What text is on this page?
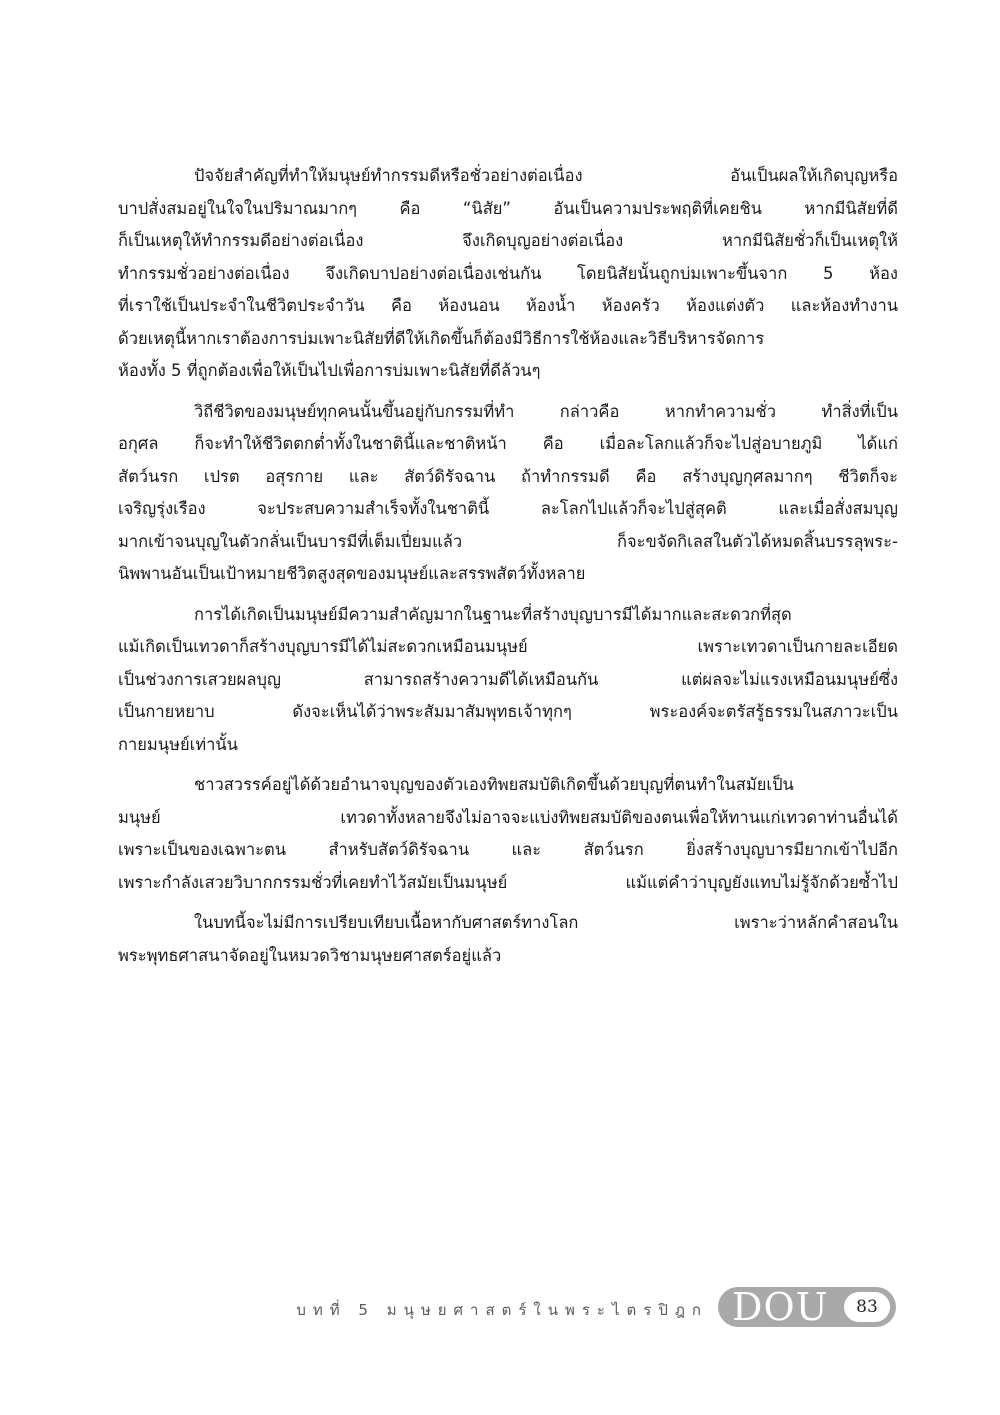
ปัจจัยสำคัญที่ทำให้มนุษย์ทำกรรมดีหรือชั่วอย่างต่อเนื่อง อันเป็นผลให้เกิดบุญหรือ
บาปสั่งสมอยู่ในใจในปริมาณมากๆ คือ “นิสัย” อันเป็นความประพฤติที่เคยชิน หากมีนิสัยที่ดี
ก็เป็นเหตุให้ทำกรรมดีอย่างต่อเนื่อง จึงเกิดบุญอย่างต่อเนื่อง หากมีนิสัยชั่วก็เป็นเหตุให้
ทำกรรมชั่วอย่างต่อเนื่อง จึงเกิดบาปอย่างต่อเนื่องเช่นกัน โดยนิสัยนั้นถูกบ่มเพาะขึ้นจาก 5 ห้อง
ที่เราใช้เป็นประจำในชีวิตประจำวัน คือ ห้องนอน ห้องน้ำ ห้องครัว ห้องแต่งตัว และห้องทำงาน
ด้วยเหตุนี้หากเราต้องการบ่มเพาะนิสัยที่ดีให้เกิดขึ้นก็ต้องมีวิธีการใช้ห้องและวิธีบริหารจัดการ
ห้องทั้ง 5 ที่ถูกต้องเพื่อให้เป็นไปเพื่อการบ่มเพาะนิสัยที่ดีล้วนๆ
วิถีชีวิตของมนุษย์ทุกคนนั้นขึ้นอยู่กับกรรมที่ทำ กล่าวคือ หากทำความชั่ว ทำสิ่งที่เป็น
อกุศล ก็จะทำให้ชีวิตตกต่ำทั้งในชาตินี้และชาติหน้า คือ เมื่อละโลกแล้วก็จะไปสู่อบายภูมิ ได้แก่
สัตว์นรก เปรต อสุรกาย และ สัตว์ดิรัจฉาน ถ้าทำกรรมดี คือ สร้างบุญกุศลมากๆ ชีวิตก็จะ
เจริญรุ่งเรือง จะประสบความสำเร็จทั้งในชาตินี้ ละโลกไปแล้วก็จะไปสู่สุคติ และเมื่อสั่งสมบุญ
มากเข้าจนบุญในตัวกลั่นเป็นบารมีที่เต็มเปี่ยมแล้ว ก็จะขจัดกิเลสในตัวได้หมดสิ้นบรรลุพระ-
นิพพานอันเป็นเป้าหมายชีวิตสูงสุดของมนุษย์และสรรพสัตว์ทั้งหลาย
การได้เกิดเป็นมนุษย์มีความสำคัญมากในฐานะที่สร้างบุญบารมีได้มากและสะดวกที่สุด
แม้เกิดเป็นเทวดาก็สร้างบุญบารมีได้ไม่สะดวกเหมือนมนุษย์ เพราะเทวดาเป็นกายละเอียด
เป็นช่วงการเสวยผลบุญ สามารถสร้างความดีได้เหมือนกัน แต่ผลจะไม่แรงเหมือนมนุษย์ซึ่ง
เป็นกายหยาบ ดังจะเห็นได้ว่าพระสัมมาสัมพุทธเจ้าทุกๆ พระองค์จะตรัสรู้ธรรมในสภาวะเป็น
กายมนุษย์เท่านั้น
ชาวสวรรค์อยู่ได้ด้วยอำนาจบุญของตัวเองทิพยสมบัติเกิดขึ้นด้วยบุญที่ตนทำในสมัยเป็น
มนุษย์ เทวดาทั้งหลายจึงไม่อาจจะแบ่งทิพยสมบัติของตนเพื่อให้ทานแก่เทวดาท่านอื่นได้
เพราะเป็นของเฉพาะตน สำหรับสัตว์ดิรัจฉาน และ สัตว์นรก ยิ่งสร้างบุญบารมียากเข้าไปอีก
เพราะกำลังเสวยวิบากกรรมชั่วที่เคยทำไว้สมัยเป็นมนุษย์ แม้แต่คำว่าบุญยังแทบไม่รู้จักด้วยซ้ำไป
ในบทนี้จะไม่มีการเปรียบเทียบเนื้อหากับศาสตร์ทางโลก เพราะว่าหลักคำสอนใน
พระพุทธศาสนาจัดอยู่ในหมวดวิชามนุษยศาสตร์อยู่แล้ว
บทที่ 5 มนุษยศาสตร์ในพระไตรปิฎก DOU	83
